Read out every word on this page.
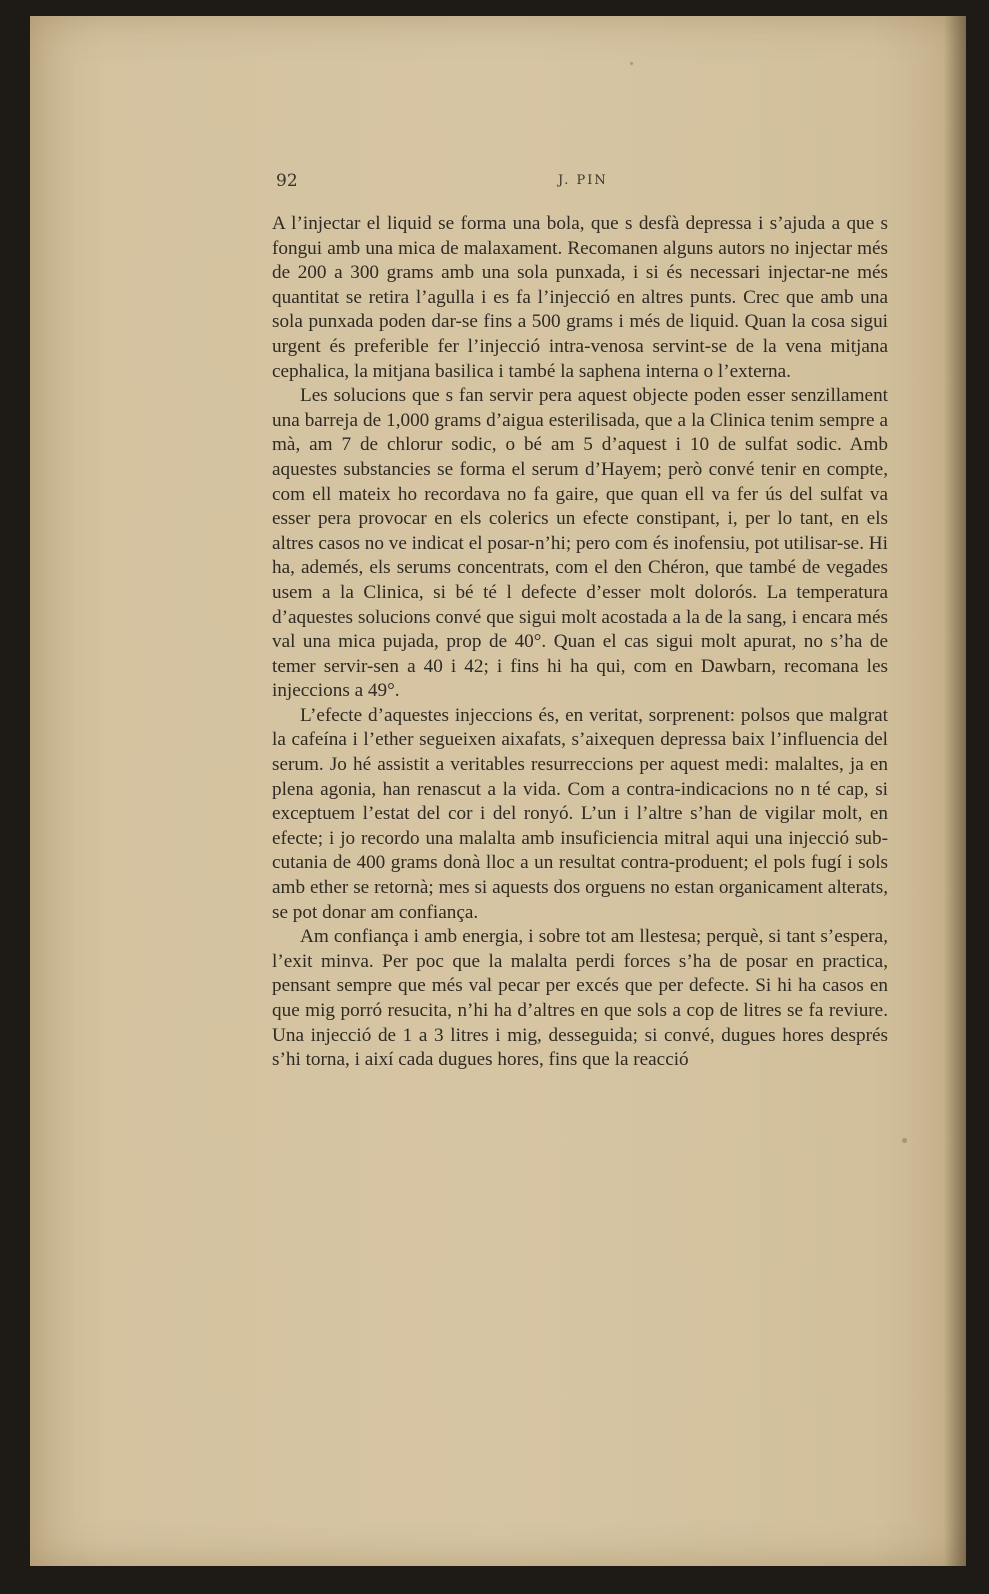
92	J. PIN

A l’injectar el liquid se forma una bola, que s desfà depressa i s’ajuda a que s fongui amb una mica de malaxament. Recomanen alguns autors no injectar més de 200 a 300 grams amb una sola punxada, i si és necessari injectar-ne més quantitat se retira l’agulla i es fa l’injecció en altres punts. Crec que amb una sola punxada poden dar-se fins a 500 grams i més de liquid. Quan la cosa sigui urgent és preferible fer l’injecció intra-venosa servint-se de la vena mitjana cephalica, la mitjana basilica i també la saphena interna o l’externa.

Les solucions que s fan servir pera aquest objecte poden esser senzillament una barreja de 1,000 grams d’aigua esterilisada, que a la Clinica tenim sempre a mà, am 7 de chlorur sodic, o bé am 5 d’aquest i 10 de sulfat sodic. Amb aquestes substancies se forma el serum d’Hayem; però convé tenir en compte, com ell mateix ho recordava no fa gaire, que quan ell va fer ús del sulfat va esser pera provocar en els colerics un efecte constipant, i, per lo tant, en els altres casos no ve indicat el posar-n’hi; pero com és inofensiu, pot utilisar-se. Hi ha, ademés, els serums concentrats, com el den Chéron, que també de vegades usem a la Clinica, si bé té l defecte d’esser molt dolorós. La temperatura d’aquestes solucions convé que sigui molt acostada a la de la sang, i encara més val una mica pujada, prop de 40°. Quan el cas sigui molt apurat, no s’ha de temer servir-sen a 40 i 42; i fins hi ha qui, com en Dawbarn, recomana les injeccions a 49°.

L’efecte d’aquestes injeccions és, en veritat, sorprenent: polsos que malgrat la cafeína i l’ether segueixen aixafats, s’aixequen depressa baix l’influencia del serum. Jo hé assistit a veritables resurreccions per aquest medi: malaltes, ja en plena agonia, han renascut a la vida. Com a contra-indicacions no n té cap, si exceptuem l’estat del cor i del ronyó. L’un i l’altre s’han de vigilar molt, en efecte; i jo recordo una malalta amb insuficiencia mitral aqui una injecció sub-cutania de 400 grams donà lloc a un resultat contra-produent; el pols fugí i sols amb ether se retornà; mes si aquests dos orguens no estan organicament alterats, se pot donar am confiança.

Am confiança i amb energia, i sobre tot am llestesa; perquè, si tant s’espera, l’exit minva. Per poc que la malalta perdi forces s’ha de posar en practica, pensant sempre que més val pecar per excés que per defecte. Si hi ha casos en que mig porró resucita, n’hi ha d’altres en que sols a cop de litres se fa reviure. Una injecció de 1 a 3 litres i mig, desseguida; si convé, dugues hores després s’hi torna, i així cada dugues hores, fins que la reacció
